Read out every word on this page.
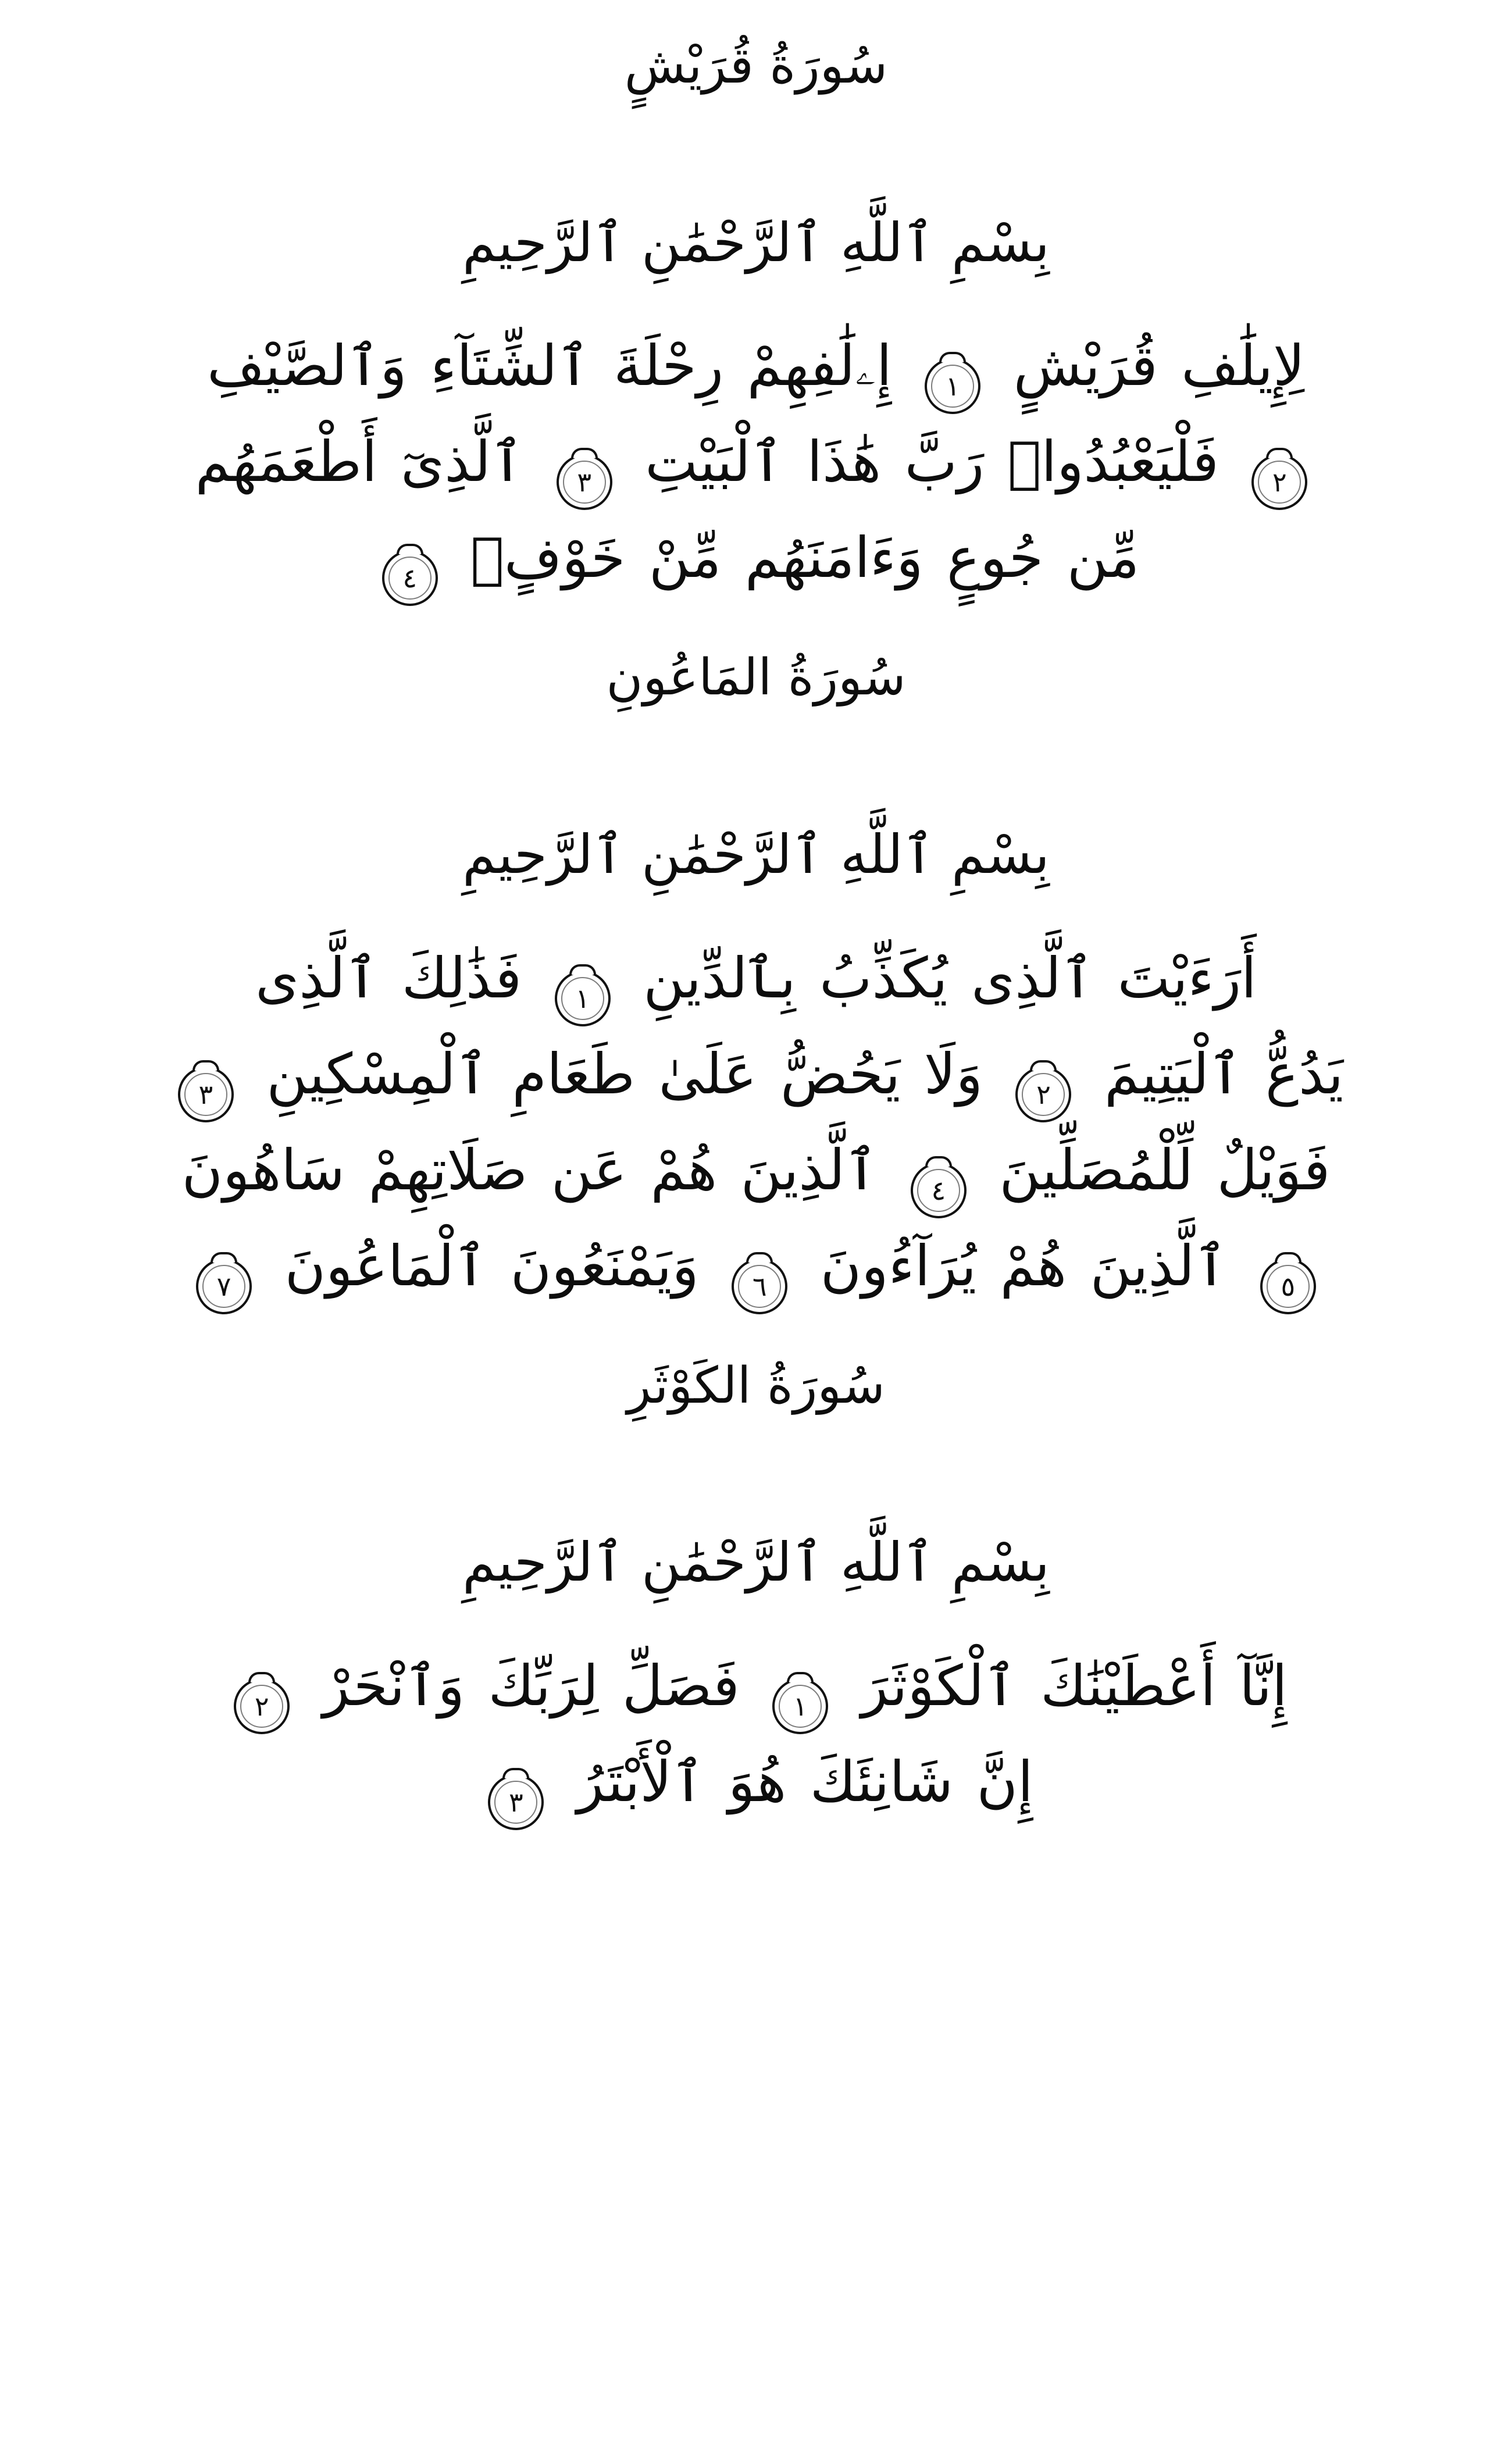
سُورَةُ قُرَيْشٍ
بِسْمِ ٱللَّهِ ٱلرَّحْمَٰنِ ٱلرَّحِيمِ
لِإِيلَٰفِ قُرَيْشٍ
١
إِۦلَٰفِهِمْ رِحْلَةَ ٱلشِّتَآءِ وَٱلصَّيْفِ
٢
فَلْيَعْبُدُوا۟ رَبَّ هَٰذَا ٱلْبَيْتِ
٣
ٱلَّذِىٓ أَطْعَمَهُم
مِّن جُوعٍ وَءَامَنَهُم مِّنْ خَوْفٍۭ
٤
سُورَةُ المَاعُونِ
بِسْمِ ٱللَّهِ ٱلرَّحْمَٰنِ ٱلرَّحِيمِ
أَرَءَيْتَ ٱلَّذِى يُكَذِّبُ بِٱلدِّينِ
١
فَذَٰلِكَ ٱلَّذِى
يَدُعُّ ٱلْيَتِيمَ
٢
وَلَا يَحُضُّ عَلَىٰ طَعَامِ ٱلْمِسْكِينِ
٣
فَوَيْلٌ لِّلْمُصَلِّينَ
٤
ٱلَّذِينَ هُمْ عَن صَلَاتِهِمْ سَاهُونَ
٥
ٱلَّذِينَ هُمْ يُرَآءُونَ
٦
وَيَمْنَعُونَ ٱلْمَاعُونَ
٧
سُورَةُ الكَوْثَرِ
بِسْمِ ٱللَّهِ ٱلرَّحْمَٰنِ ٱلرَّحِيمِ
إِنَّآ أَعْطَيْنَٰكَ ٱلْكَوْثَرَ
١
فَصَلِّ لِرَبِّكَ وَٱنْحَرْ
٢
إِنَّ شَانِئَكَ هُوَ ٱلْأَبْتَرُ
٣
